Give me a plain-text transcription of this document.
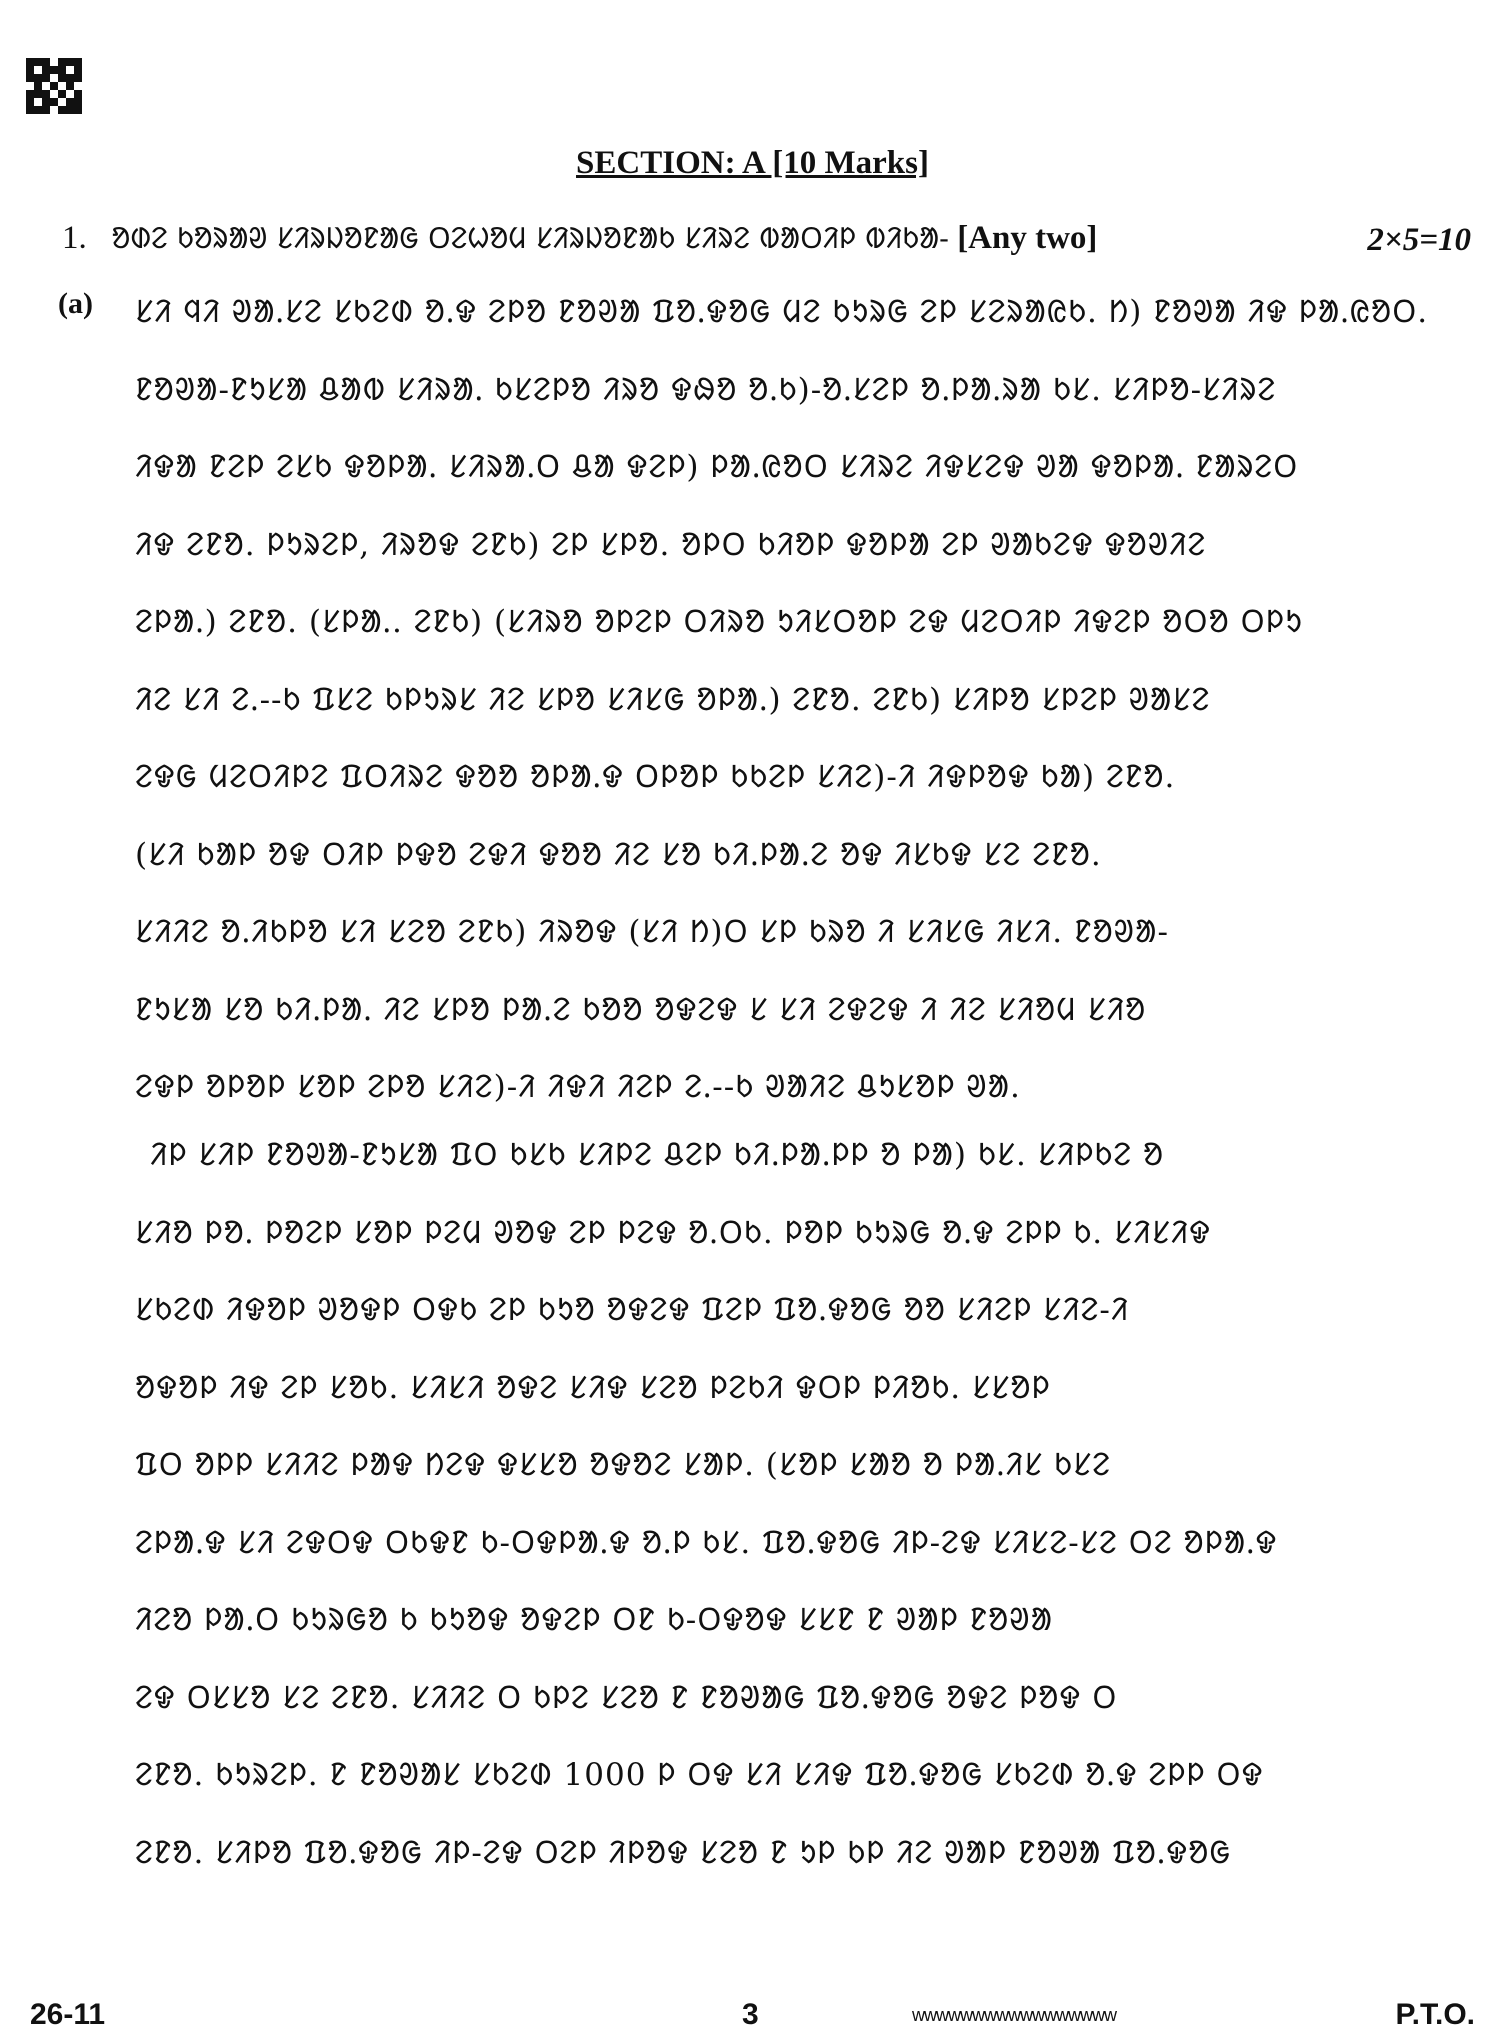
SECTION: A [10 Marks]
1. ᱚᱰᱮ ᱠᱚᱨᱟᱣ ᱥᱤᱨᱡᱚᱱᱟᱜ ᱛᱮᱦᱚᱢ ᱥᱤᱨᱡᱚᱱᱟᱠ ᱥᱤᱨᱮ ᱵᱟᱛᱤᱞ ᱵᱤᱠᱟ- [Any two]	2×5=10
(a) ᱥᱤ ᱧᱤ ᱣᱟᱹᱥᱮ ᱥᱠᱮᱰ ᱚᱹᱫ ᱮᱞᱚ ᱱᱚᱣᱟ ᱯᱚᱹᱫᱚᱜ ᱢᱮ ᱠᱩᱨᱜ ᱮᱞ ᱥᱮᱨᱟᱭᱠ. ᱴ) ᱱᱚᱣᱟ ᱤᱫ ᱞᱟᱹᱭᱚᱛ.
ᱱᱚᱣᱟ-ᱱᱩᱥᱟ ᱪᱟᱵ ᱥᱤᱨᱟᱹ ᱠᱥᱮᱞᱚ ᱤᱨᱚ ᱫᱷᱚ ᱚᱹᱠ)-ᱚᱹᱥᱮᱞ ᱚᱹᱞᱟᱹᱨᱟ ᱠᱥ. ᱥᱤᱞᱚ-ᱥᱤᱨᱮ
ᱤᱫᱟ ᱱᱮᱞ ᱮᱥᱠ ᱫᱚᱞᱟᱹ ᱥᱤᱨᱟᱹᱛ ᱪᱟ ᱫᱮᱞ) ᱞᱟᱹᱭᱚᱛ ᱥᱤᱨᱮ ᱤᱫᱥᱮᱫ ᱣᱟ ᱫᱚᱞᱟᱹ ᱱᱟᱨᱮᱛ
ᱤᱫ ᱮᱱᱚ. ᱞᱩᱨᱮᱞ, ᱤᱨᱚᱫ ᱮᱱᱠ) ᱮᱞ ᱥᱞᱚ. ᱚᱞᱛ ᱠᱤᱚᱞ ᱫᱚᱞᱟ ᱮᱞ ᱣᱟᱠᱮᱫ ᱫᱚᱣᱤᱮ
ᱮᱞᱟᱹ) ᱮᱱᱚ. (ᱥᱞᱟᱹ. ᱮᱱᱠ) (ᱥᱤᱨᱚ ᱚᱞᱮᱞ ᱛᱤᱨᱚ ᱩᱤᱥᱛᱚᱞ ᱮᱫ ᱢᱮᱛᱤᱞ ᱤᱫᱮᱞ ᱚᱛᱚ ᱛᱞᱩ
ᱤᱮ ᱥᱤ ᱮᱹ--ᱠ ᱯᱥᱮ ᱠᱞᱩᱨᱥ ᱤᱮ ᱥᱞᱚ ᱥᱤᱥᱜ ᱚᱞᱟᱹ) ᱮᱱᱚ. ᱮᱱᱠ) ᱥᱤᱞᱚ ᱥᱞᱮᱞ ᱣᱟᱥᱮ
ᱮᱫᱜ ᱢᱮᱛᱤᱞᱮ ᱯᱛᱤᱨᱮ ᱫᱚᱚ ᱚᱞᱟᱹᱫ ᱛᱞᱚᱞ ᱠᱠᱮᱞ ᱥᱤᱮ)-ᱤ ᱤᱫᱞᱚᱫ ᱠᱟ) ᱮᱱᱚ.
(ᱥᱤ ᱠᱟᱞ ᱚᱫ ᱛᱤᱞ ᱞᱫᱚ ᱮᱫᱤ ᱫᱚᱚ ᱤᱮ ᱥᱚ ᱠᱤᱹᱞᱟᱹᱮ ᱚᱫ ᱤᱥᱠᱫ ᱥᱮ ᱮᱱᱚ.
ᱥᱤᱤᱮ ᱚᱹᱤᱠᱞᱚ ᱥᱤ ᱥᱮᱚ ᱮᱱᱠ) ᱤᱨᱚᱫ (ᱥᱤ ᱴ)ᱛ ᱥᱞ ᱠᱨᱚ ᱤ ᱥᱤᱥᱜ ᱤᱥᱤ. ᱱᱚᱣᱟ-
ᱱᱩᱥᱟ ᱥᱚ ᱠᱤᱹᱞᱟᱹ ᱤᱮ ᱥᱞᱚ ᱞᱟᱹᱮ ᱠᱚᱚ ᱚᱫᱮᱫ ᱥ ᱥᱤ ᱮᱫᱮᱫ ᱤ ᱤᱮ ᱥᱤᱚᱢ ᱥᱤᱚ
ᱮᱫᱞ ᱚᱞᱚᱞ ᱥᱚᱞ ᱮᱞᱚ ᱥᱤᱮ)-ᱤ ᱤᱫᱤ ᱤᱮᱞ ᱮᱹ--ᱠ ᱣᱟᱤᱮ ᱪᱩᱥᱚᱞ ᱣᱟ.
ᱤᱞ ᱥᱤᱞ ᱱᱚᱣᱟ-ᱱᱩᱥᱟ ᱯᱛ ᱠᱥᱠ ᱥᱤᱞᱮ ᱪᱮᱞ ᱠᱤᱹᱞᱟᱹᱞᱞ ᱚ ᱞᱟ) ᱠᱥ. ᱥᱤᱞᱠᱮ ᱚ
ᱥᱤᱚ ᱞᱚᱹ ᱞᱚᱮᱞ ᱥᱚᱞ ᱞᱮᱢ ᱣᱚᱫ ᱮᱞ ᱞᱮᱫ ᱚᱹᱛᱠ. ᱞᱚᱞ ᱠᱩᱨᱜ ᱚᱹᱫ ᱮᱞᱞ ᱠ. ᱥᱤᱥᱤᱫ
ᱥᱠᱮᱰ ᱤᱫᱚᱞ ᱣᱚᱫᱞ ᱛᱫᱠ ᱮᱞ ᱠᱩᱚ ᱚᱫᱮᱫ ᱯᱮᱞ ᱯᱚᱹᱫᱚᱜ ᱚᱚ ᱥᱤᱮᱞ ᱥᱤᱮ-ᱤ
ᱚᱫᱚᱞ ᱤᱫ ᱮᱞ ᱥᱚᱠ. ᱥᱤᱥᱤ ᱚᱫᱮ ᱥᱤᱫ ᱥᱮᱚ ᱞᱮᱠᱤ ᱫᱛᱞ ᱞᱤᱚᱠ. ᱥᱥᱚᱞ
ᱯᱛ ᱚᱞᱞ ᱥᱤᱤᱮ ᱞᱟᱫ ᱴᱮᱫ ᱫᱥᱥᱚ ᱚᱫᱚᱮ ᱥᱟᱞ. (ᱥᱚᱞ ᱥᱟᱚ ᱚ ᱞᱟᱹᱤᱥ ᱠᱥᱮ
ᱮᱞᱟᱹᱫ ᱥᱤ ᱮᱫᱛᱫ ᱛᱠᱫᱱ ᱠ-ᱛᱫᱞᱟᱹᱫ ᱚᱹᱞ ᱠᱥ. ᱯᱚᱹᱫᱚᱜ ᱤᱞ-ᱮᱫ ᱥᱤᱥᱮ-ᱥᱮ ᱛᱮ ᱚᱞᱟᱹᱫ
ᱤᱮᱚ ᱞᱟᱹᱛ ᱠᱩᱨᱜᱚ ᱠ ᱠᱩᱚᱫ ᱚᱫᱮᱞ ᱛᱱ ᱠ-ᱛᱫᱚᱫ ᱥᱥᱱ ᱱ ᱣᱟᱞ ᱱᱚᱣᱟ
ᱮᱫ ᱛᱥᱥᱚ ᱥᱮ ᱮᱱᱚ. ᱥᱤᱤᱮ ᱛ ᱠᱞᱮ ᱥᱮᱚ ᱱ ᱱᱚᱣᱟᱜ ᱯᱚᱹᱫᱚᱜ ᱚᱫᱮ ᱞᱚᱫ ᱛ
ᱮᱱᱚ. ᱠᱩᱨᱮᱞ. ᱱ ᱱᱚᱣᱟᱥ ᱥᱠᱮᱰ 1000 ᱞ ᱛᱫ ᱥᱤ ᱥᱤᱫ ᱯᱚᱹᱫᱚᱜ ᱥᱠᱮᱰ ᱚᱹᱫ ᱮᱞᱞ ᱛᱫ
ᱮᱱᱚ. ᱥᱤᱞᱚ ᱯᱚᱹᱫᱚᱜ ᱤᱞ-ᱮᱫ ᱛᱮᱞ ᱤᱞᱚᱫ ᱥᱮᱚ ᱱ ᱩᱞ ᱠᱞ ᱤᱮ ᱣᱟᱞ ᱱᱚᱣᱟ ᱯᱚᱹᱫᱚᱜ
26-11	3	wwwwwwwwwwwwwwwww	P.T.O.
